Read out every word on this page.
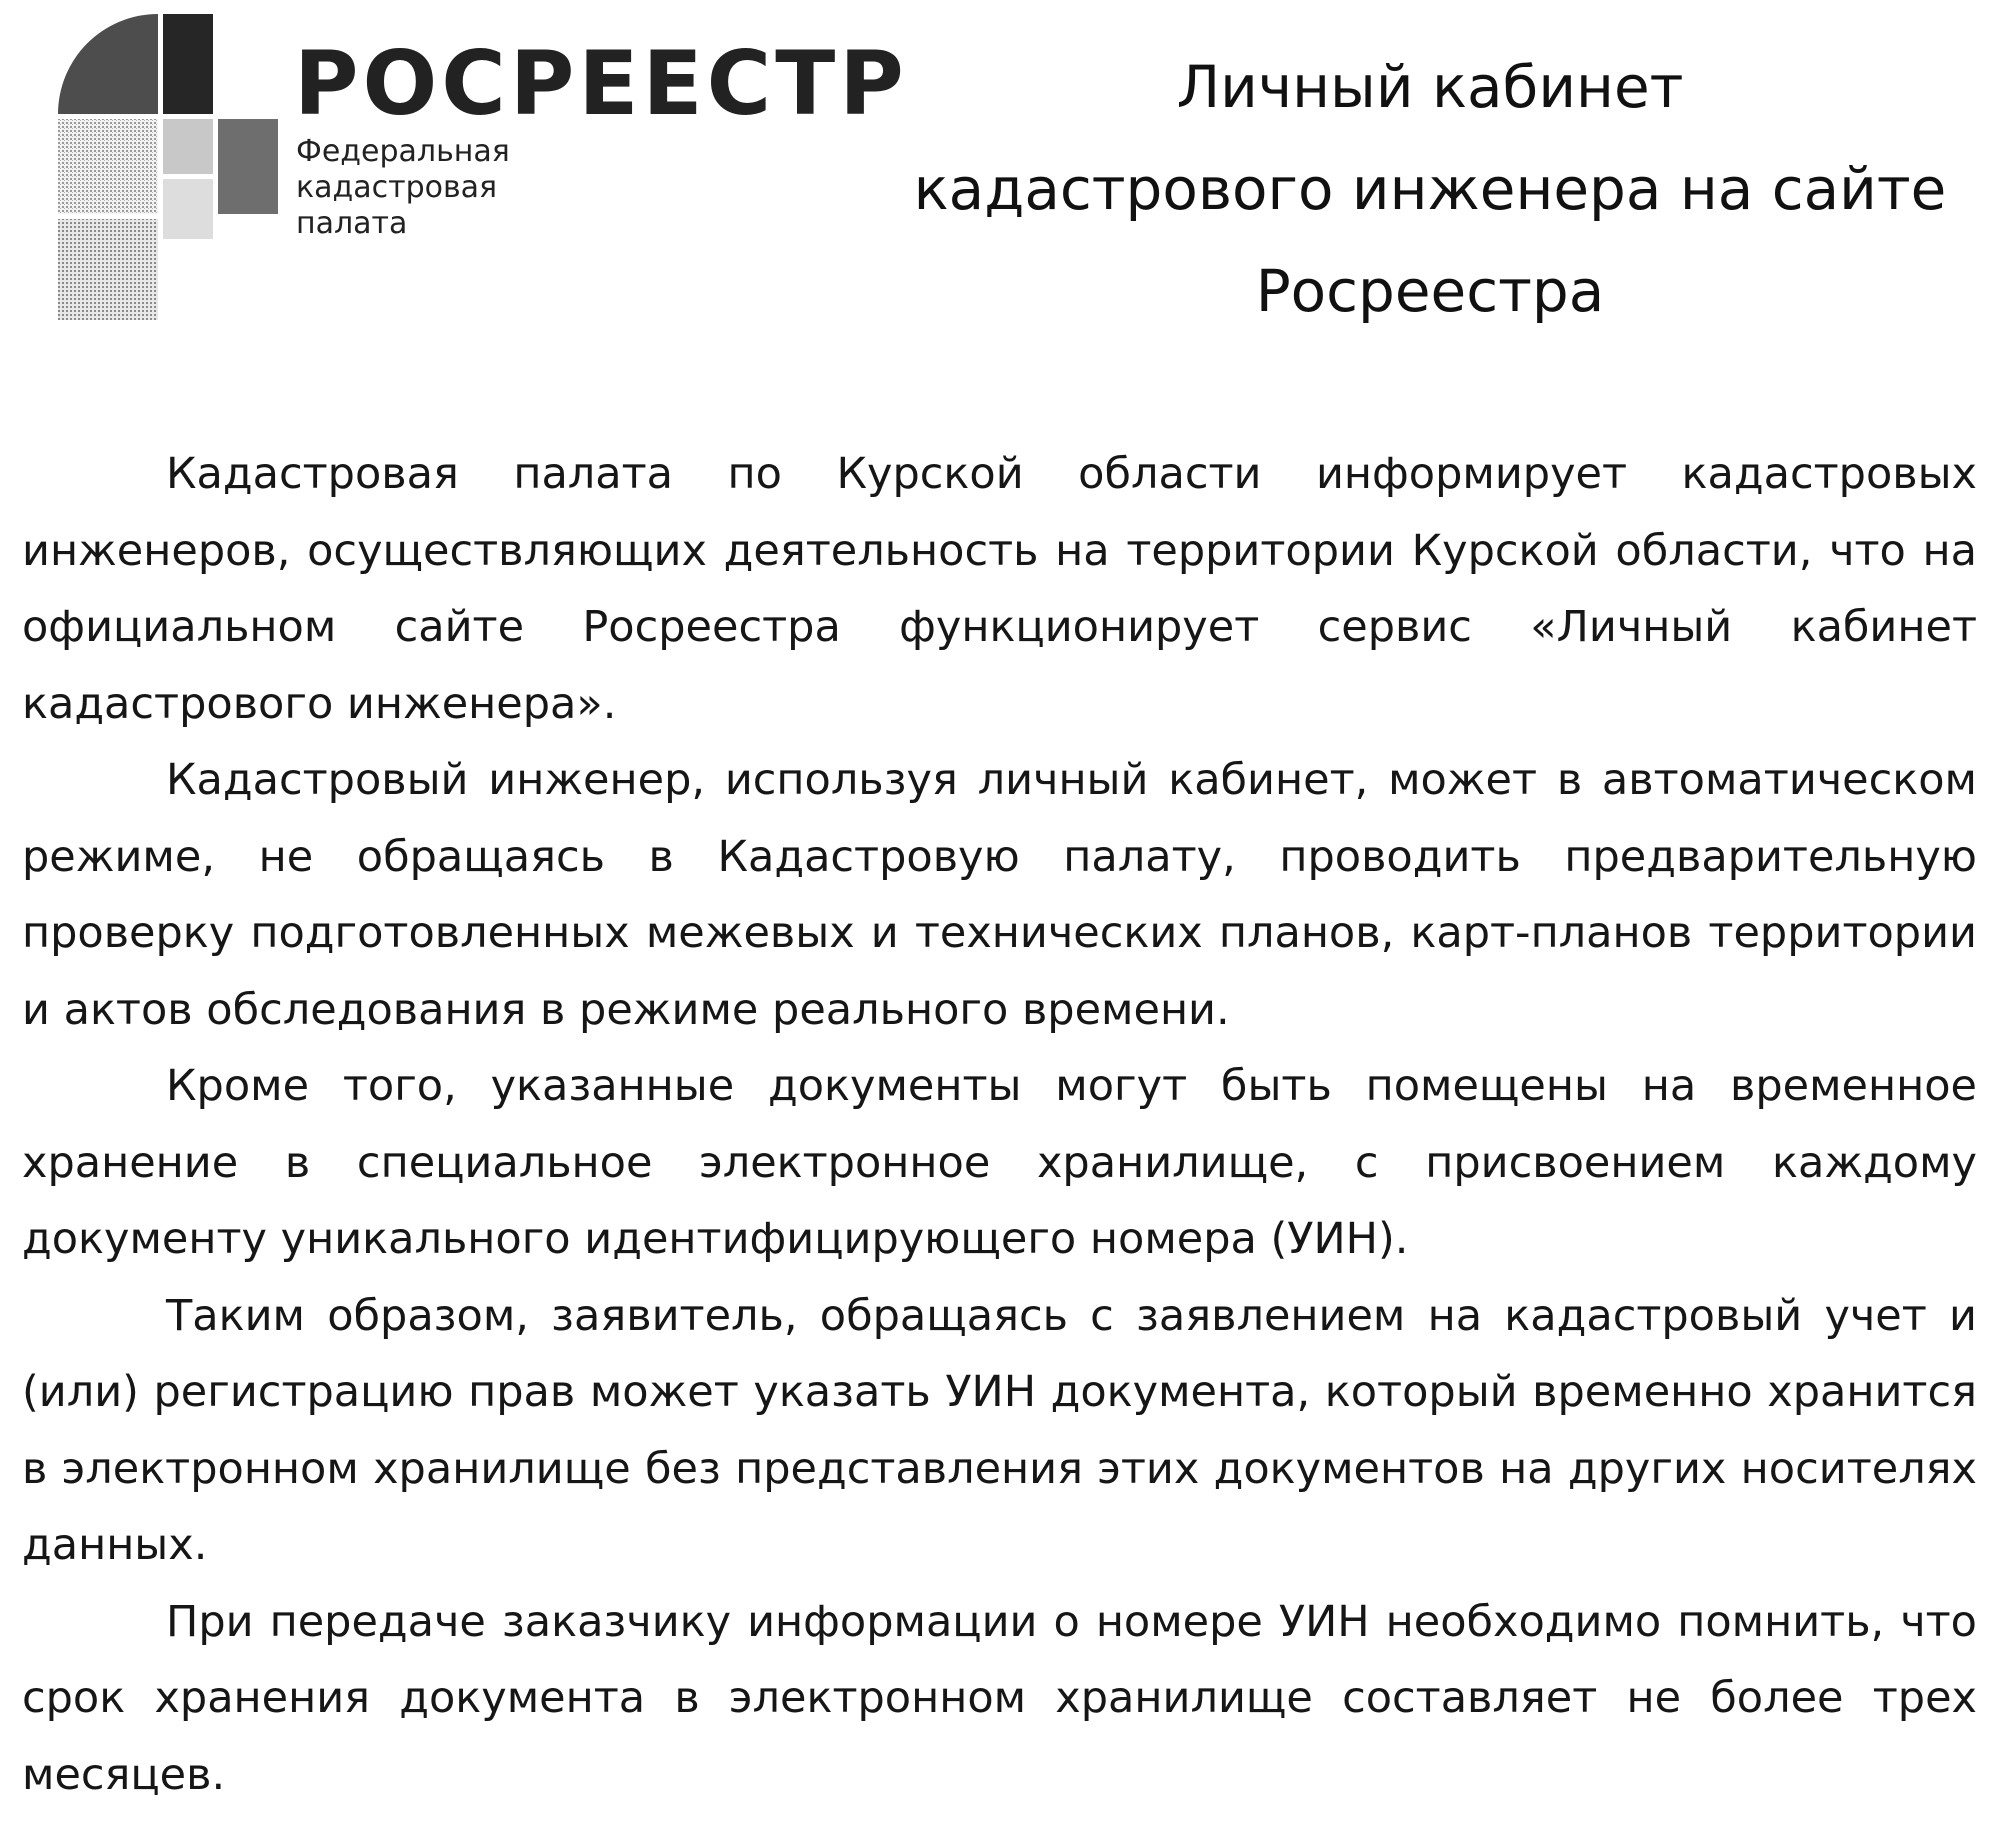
РОСРЕЕСТР
Федеральная
кадастровая
палата
Личный кабинет
кадастрового инженера на сайте
Росреестра

Кадастровая палата по Курской области информирует кадастровых инженеров, осуществляющих деятельность на территории Курской области, что на официальном сайте Росреестра функционирует сервис «Личный кабинет кадастрового инженера».

Кадастровый инженер, используя личный кабинет, может в автоматическом режиме, не обращаясь в Кадастровую палату, проводить предварительную проверку подготовленных межевых и технических планов, карт-планов территории и актов обследования в режиме реального времени.

Кроме того, указанные документы могут быть помещены на временное хранение в специальное электронное хранилище, с присвоением каждому документу уникального идентифицирующего номера (УИН).

Таким образом, заявитель, обращаясь с заявлением на кадастровый учет и (или) регистрацию прав может указать УИН документа, который временно хранится в электронном хранилище без представления этих документов на других носителях данных.

При передаче заказчику информации о номере УИН необходимо помнить, что срок хранения документа в электронном хранилище составляет не более трех месяцев.
